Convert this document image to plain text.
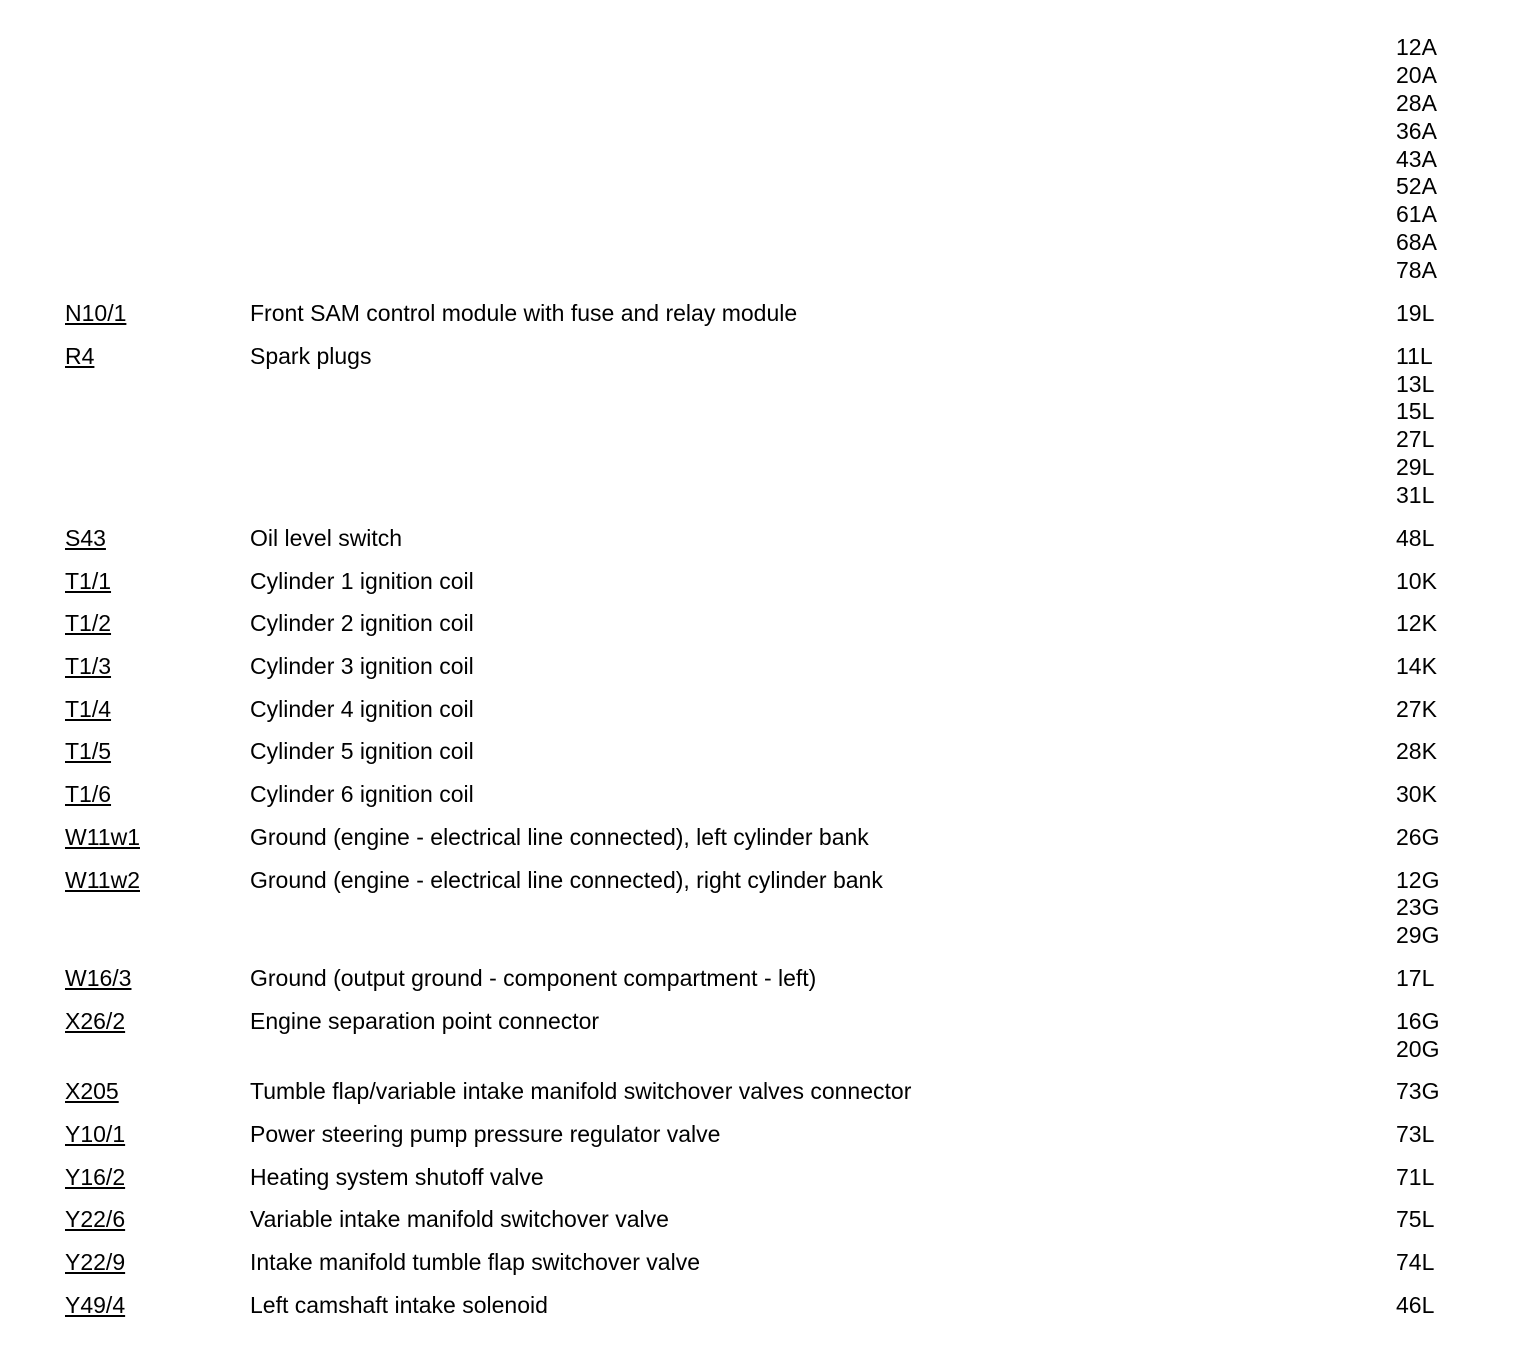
12A
20A
28A
36A
43A
52A
61A
68A
78A
N10/1	Front SAM control module with fuse and relay module	19L
R4	Spark plugs	11L
13L
15L
27L
29L
31L
S43	Oil level switch	48L
T1/1	Cylinder 1 ignition coil	10K
T1/2	Cylinder 2 ignition coil	12K
T1/3	Cylinder 3 ignition coil	14K
T1/4	Cylinder 4 ignition coil	27K
T1/5	Cylinder 5 ignition coil	28K
T1/6	Cylinder 6 ignition coil	30K
W11w1	Ground (engine - electrical line connected), left cylinder bank	26G
W11w2	Ground (engine - electrical line connected), right cylinder bank	12G
23G
29G
W16/3	Ground (output ground - component compartment - left)	17L
X26/2	Engine separation point connector	16G
20G
X205	Tumble flap/variable intake manifold switchover valves connector	73G
Y10/1	Power steering pump pressure regulator valve	73L
Y16/2	Heating system shutoff valve	71L
Y22/6	Variable intake manifold switchover valve	75L
Y22/9	Intake manifold tumble flap switchover valve	74L
Y49/4	Left camshaft intake solenoid	46L
